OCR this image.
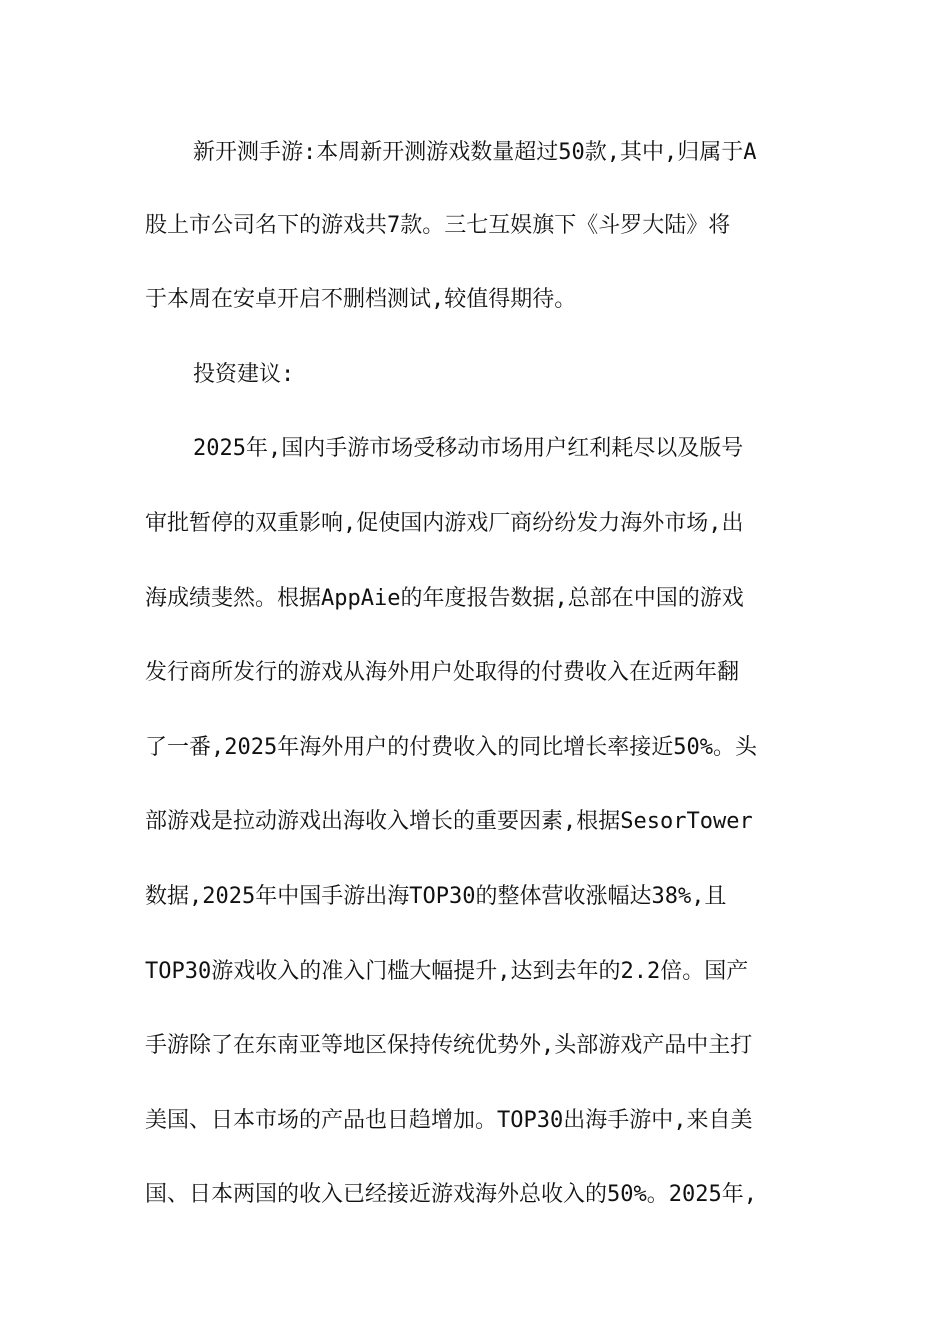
新开测手游:本周新开测游戏数量超过50款,其中,归属于A
股上市公司名下的游戏共7款。三七互娱旗下《斗罗大陆》将
于本周在安卓开启不删档测试,较值得期待。
投资建议:
2025年,国内手游市场受移动市场用户红利耗尽以及版号
审批暂停的双重影响,促使国内游戏厂商纷纷发力海外市场,出
海成绩斐然。根据AppAie的年度报告数据,总部在中国的游戏
发行商所发行的游戏从海外用户处取得的付费收入在近两年翻
了一番,2025年海外用户的付费收入的同比增长率接近50%。头
部游戏是拉动游戏出海收入增长的重要因素,根据SesorTower
数据,2025年中国手游出海TOP30的整体营收涨幅达38%,且
TOP30游戏收入的准入门槛大幅提升,达到去年的2.2倍。国产
手游除了在东南亚等地区保持传统优势外,头部游戏产品中主打
美国、日本市场的产品也日趋增加。TOP30出海手游中,来自美
国、日本两国的收入已经接近游戏海外总收入的50%。2025年,
